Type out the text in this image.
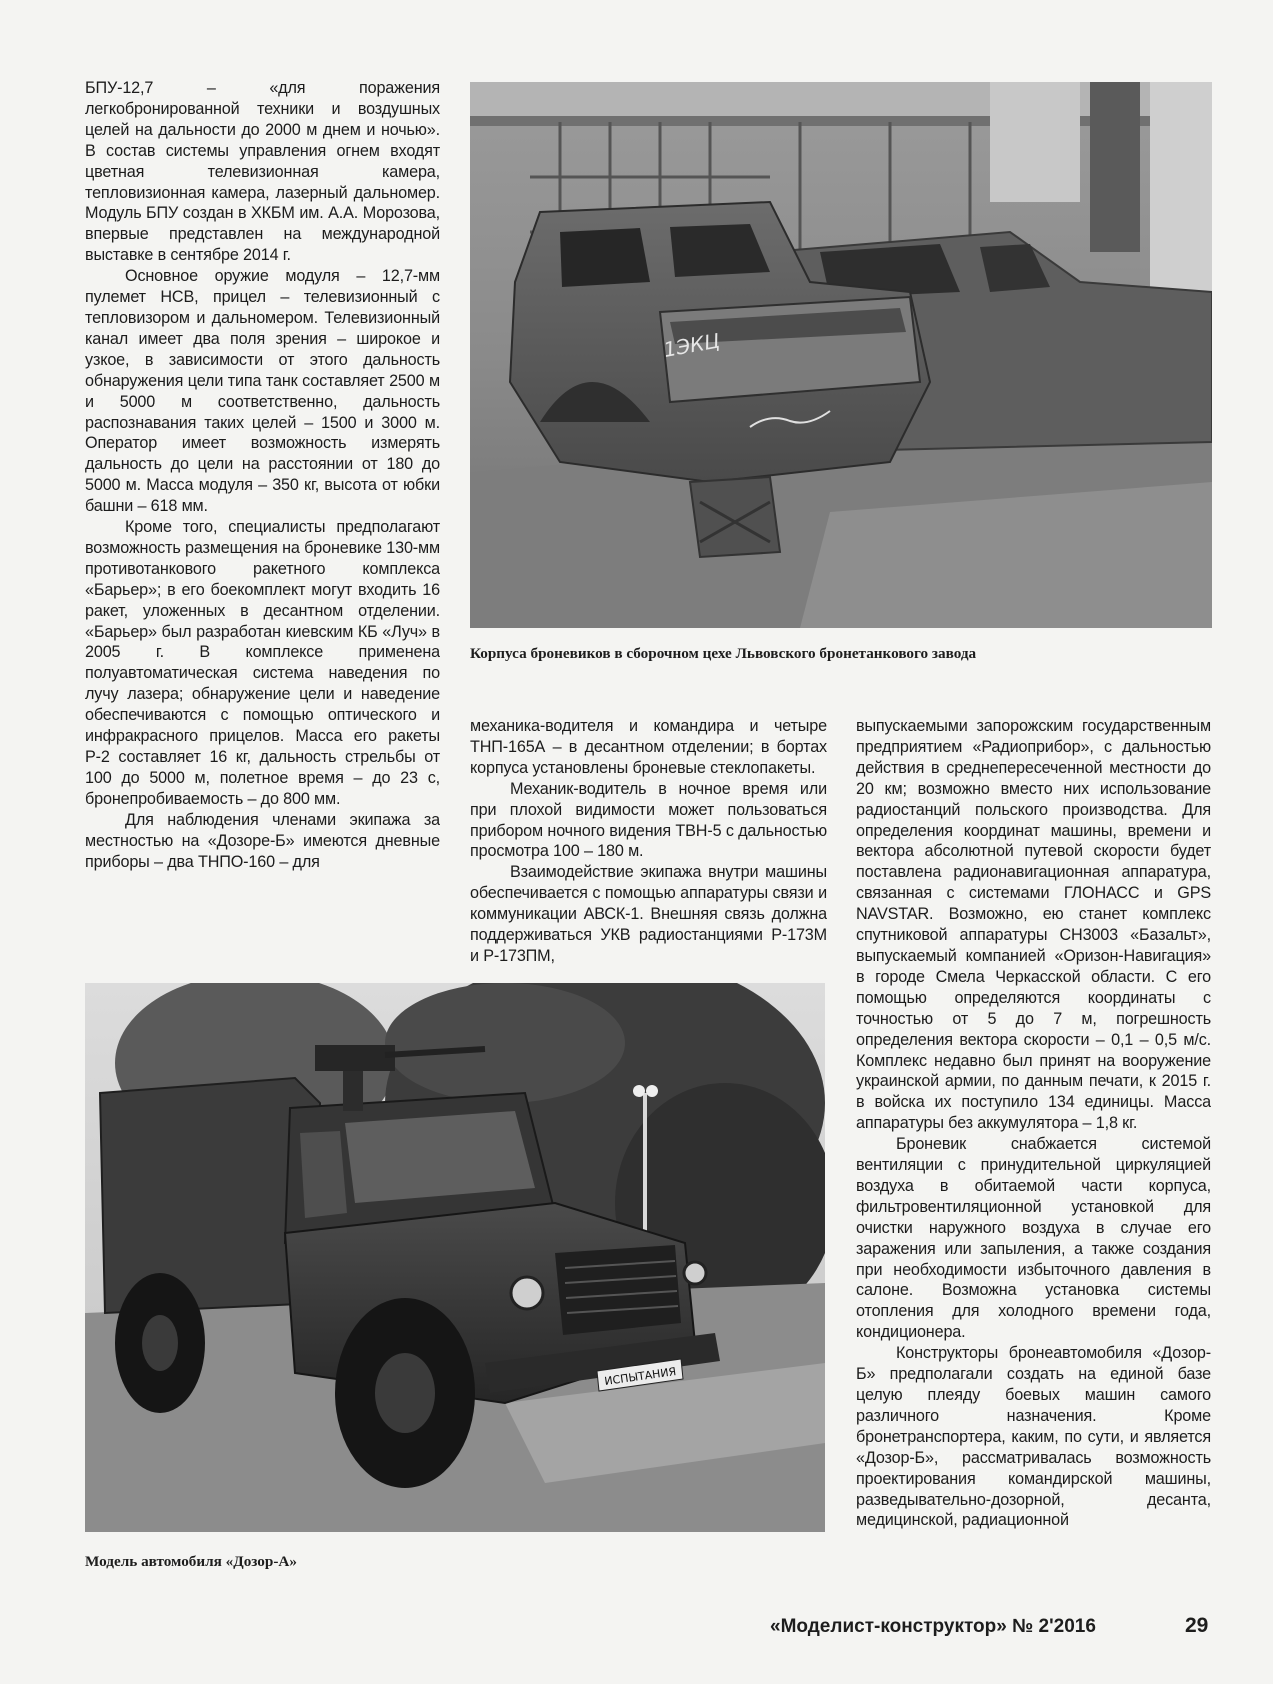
БПУ-12,7 – «для поражения легкобронированной техники и воздушных целей на дальности до 2000 м днем и ночью». В состав системы управления огнем входят цветная телевизионная камера, тепловизионная камера, лазерный дальномер. Модуль БПУ создан в ХКБМ им. А.А. Морозова, впервые представлен на международной выставке в сентябре 2014 г.

Основное оружие модуля – 12,7-мм пулемет НСВ, прицел – телевизионный с тепловизором и дальномером. Телевизионный канал имеет два поля зрения – широкое и узкое, в зависимости от этого дальность обнаружения цели типа танк составляет 2500 м и 5000 м соответственно, дальность распознавания таких целей – 1500 и 3000 м. Оператор имеет возможность измерять дальность до цели на расстоянии от 180 до 5000 м. Масса модуля – 350 кг, высота от юбки башни – 618 мм.

Кроме того, специалисты предполагают возможность размещения на броневике 130-мм противотанкового ракетного комплекса «Барьер»; в его боекомплект могут входить 16 ракет, уложенных в десантном отделении. «Барьер» был разработан киевским КБ «Луч» в 2005 г. В комплексе применена полуавтоматическая система наведения по лучу лазера; обнаружение цели и наведение обеспечиваются с помощью оптического и инфракрасного прицелов. Масса его ракеты Р-2 составляет 16 кг, дальность стрельбы от 100 до 5000 м, полетное время – до 23 с, бронепробиваемость – до 800 мм.

Для наблюдения членами экипажа за местностью на «Дозоре-Б» имеются дневные приборы – два ТНПО-160 – для

1ЭКЦ
Корпуса броневиков в сборочном цехе Львовского бронетанкового завода

механика-водителя и командира и четыре ТНП-165А – в десантном отделении; в бортах корпуса установлены броневые стеклопакеты.

Механик-водитель в ночное время или при плохой видимости может пользоваться прибором ночного видения ТВН-5 с дальностью просмотра 100 – 180 м.

Взаимодействие экипажа внутри машины обеспечивается с помощью аппаратуры связи и коммуникации АВСК-1. Внешняя связь должна поддерживаться УКВ радиостанциями Р-173М и Р-173ПМ,

выпускаемыми запорожским государственным предприятием «Радиоприбор», с дальностью действия в среднепересеченной местности до 20 км; возможно вместо них использование радиостанций польского производства. Для определения координат машины, времени и вектора абсолютной путевой скорости будет поставлена радионавигационная аппаратура, связанная с системами ГЛОНАСС и GPS NAVSTAR. Возможно, ею станет комплекс спутниковой аппаратуры СН3003 «Базальт», выпускаемый компанией «Оризон-Навигация» в городе Смела Черкасской области. С его помощью определяются координаты с точностью от 5 до 7 м, погрешность определения вектора скорости – 0,1 – 0,5 м/с. Комплекс недавно был принят на вооружение украинской армии, по данным печати, к 2015 г. в войска их поступило 134 единицы. Масса аппаратуры без аккумулятора – 1,8 кг.

Броневик снабжается системой вентиляции с принудительной циркуляцией воздуха в обитаемой части корпуса, фильтровентиляционной установкой для очистки наружного воздуха в случае его заражения или запыления, а также создания при необходимости избыточного давления в салоне. Возможна установка системы отопления для холодного времени года, кондиционера.

Конструкторы бронеавтомобиля «Дозор-Б» предполагали создать на единой базе целую плеяду боевых машин самого различного назначения. Кроме бронетранспортера, каким, по сути, и является «Дозор-Б», рассматривалась возможность проектирования командирской машины, разведывательно-дозорной, десанта, медицинской, радиационной

ИСПЫТАНИЯ
Модель автомобиля «Дозор-А»
«Моделист-конструктор» № 2'2016	29
